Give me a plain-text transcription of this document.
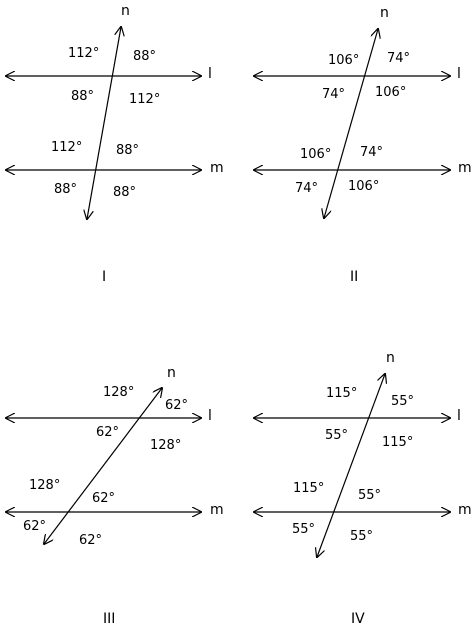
n
l
m
112°	88°
88°	112°
112°	88°
88°	88°
I
n
l
m
106° 74°
74° 106°
106° 74°
74° 106°
II
n
l
m
128°
62°
62°
128°
128°
62°
62°
62°
III
n
l
m
115°
55°
55°	115°
115°	55°
55°	55°
IV
